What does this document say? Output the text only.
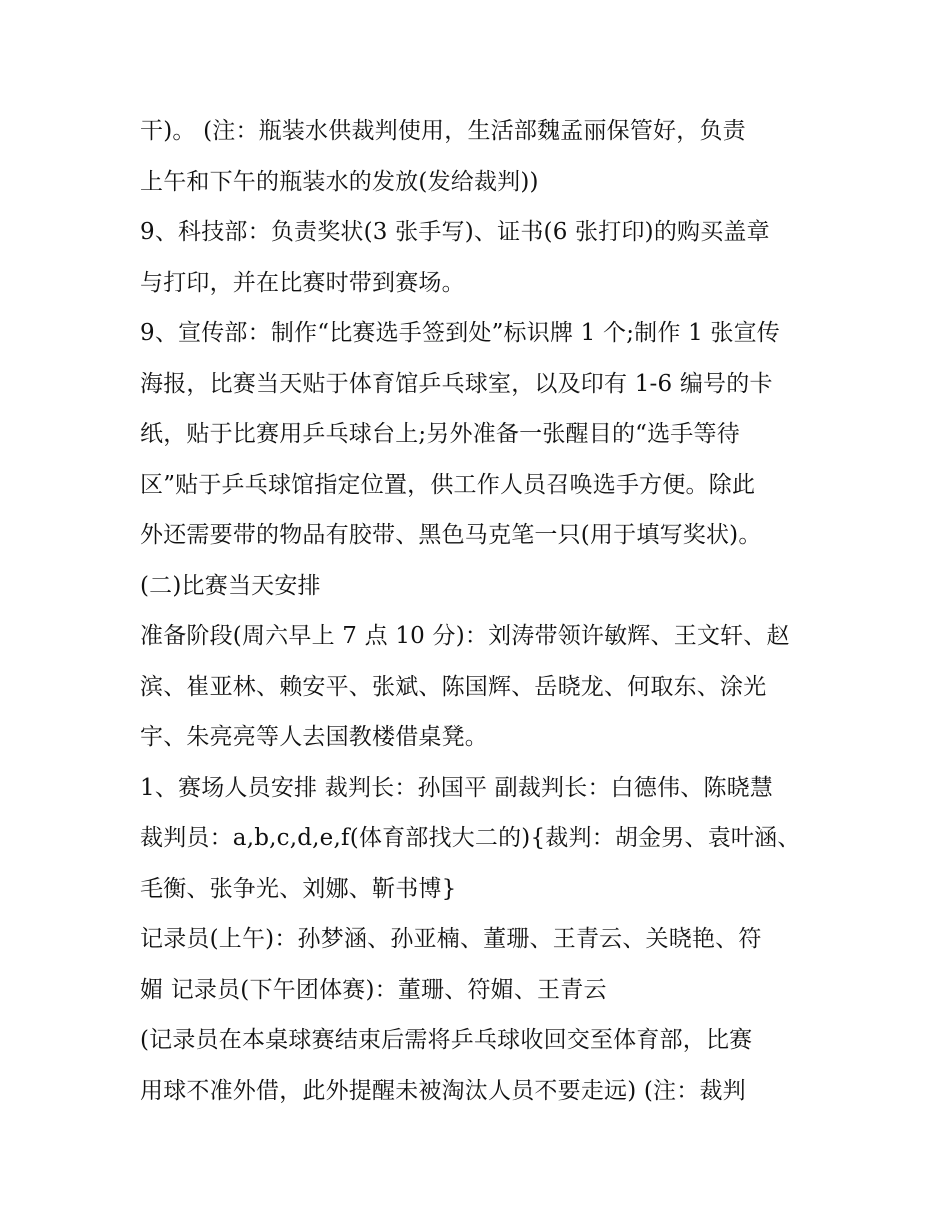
干)。 (注：瓶装水供裁判使用，生活部魏孟丽保管好，负责
上午和下午的瓶装水的发放(发给裁判))
9、科技部：负责奖状(3 张手写)、证书(6 张打印)的购买盖章
与打印，并在比赛时带到赛场。
9、宣传部：制作“比赛选手签到处”标识牌 1 个;制作 1 张宣传
海报，比赛当天贴于体育馆乒乓球室，以及印有 1-6 编号的卡
纸，贴于比赛用乒乓球台上;另外准备一张醒目的“选手等待
区”贴于乒乓球馆指定位置，供工作人员召唤选手方便。除此
外还需要带的物品有胶带、黑色马克笔一只(用于填写奖状)。
(二)比赛当天安排
准备阶段(周六早上 7 点 10 分)：刘涛带领许敏辉、王文轩、赵
滨、崔亚林、赖安平、张斌、陈国辉、岳晓龙、何取东、涂光
宇、朱亮亮等人去国教楼借桌凳。
1、赛场人员安排 裁判长：孙国平 副裁判长：白德伟、陈晓慧
裁判员：a,b,c,d,e,f(体育部找大二的){裁判：胡金男、袁叶涵、
毛衡、张争光、刘娜、靳书博}
记录员(上午)：孙梦涵、孙亚楠、董珊、王青云、关晓艳、符
媚 记录员(下午团体赛)：董珊、符媚、王青云
(记录员在本桌球赛结束后需将乒乓球收回交至体育部，比赛
用球不准外借，此外提醒未被淘汰人员不要走远) (注：裁判
